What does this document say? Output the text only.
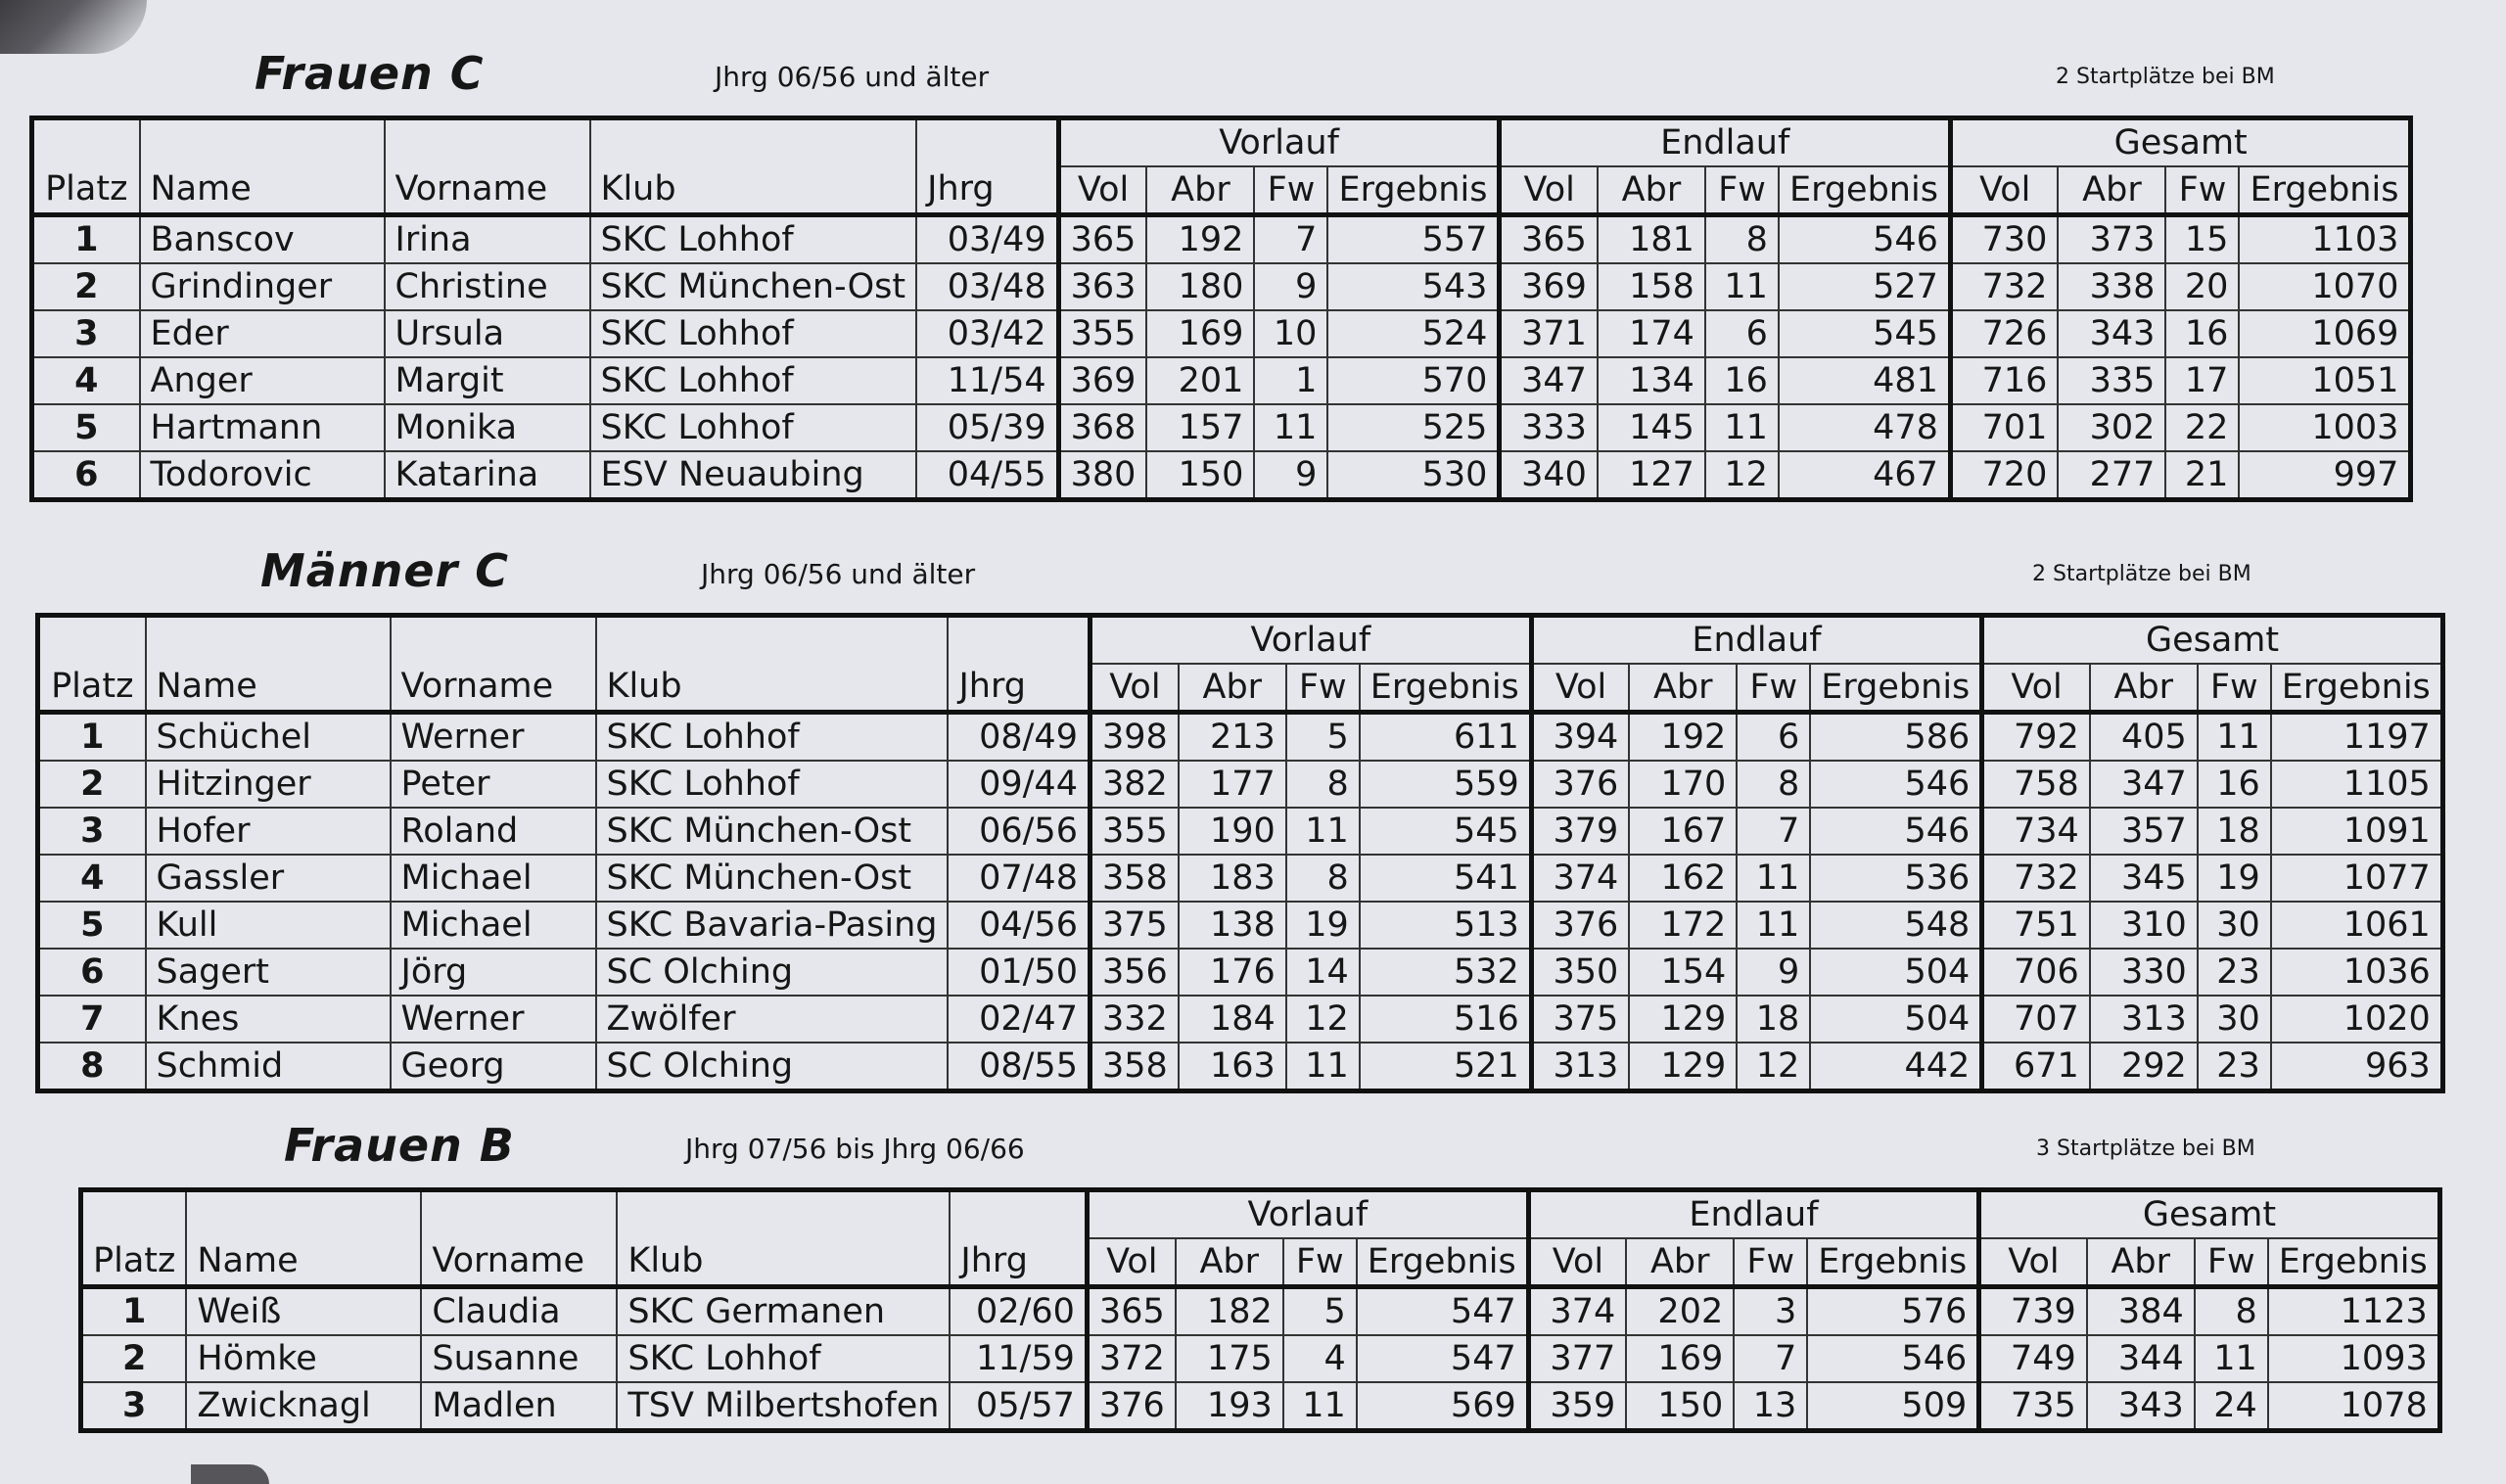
Frauen C	Jhrg 06/56 und älter	2 Startplätze bei BM
Platz	Name	Vorname	Klub	Jhrg	Vorlauf				Endlauf				Gesamt			
					Vol	Abr	Fw	Ergebnis	Vol	Abr	Fw	Ergebnis	Vol	Abr	Fw	Ergebnis
1	Banscov	Irina	SKC Lohhof	03/49	365	192	7	557	365	181	8	546	730	373	15	1103
2	Grindinger	Christine	SKC München-Ost	03/48	363	180	9	543	369	158	11	527	732	338	20	1070
3	Eder	Ursula	SKC Lohhof	03/42	355	169	10	524	371	174	6	545	726	343	16	1069
4	Anger	Margit	SKC Lohhof	11/54	369	201	1	570	347	134	16	481	716	335	17	1051
5	Hartmann	Monika	SKC Lohhof	05/39	368	157	11	525	333	145	11	478	701	302	22	1003
6	Todorovic	Katarina	ESV Neuaubing	04/55	380	150	9	530	340	127	12	467	720	277	21	997
Männer C	Jhrg 06/56 und älter	2 Startplätze bei BM
Platz	Name	Vorname	Klub	Jhrg	Vorlauf				Endlauf				Gesamt			
					Vol	Abr	Fw	Ergebnis	Vol	Abr	Fw	Ergebnis	Vol	Abr	Fw	Ergebnis
1	Schüchel	Werner	SKC Lohhof	08/49	398	213	5	611	394	192	6	586	792	405	11	1197
2	Hitzinger	Peter	SKC Lohhof	09/44	382	177	8	559	376	170	8	546	758	347	16	1105
3	Hofer	Roland	SKC München-Ost	06/56	355	190	11	545	379	167	7	546	734	357	18	1091
4	Gassler	Michael	SKC München-Ost	07/48	358	183	8	541	374	162	11	536	732	345	19	1077
5	Kull	Michael	SKC Bavaria-Pasing	04/56	375	138	19	513	376	172	11	548	751	310	30	1061
6	Sagert	Jörg	SC Olching	01/50	356	176	14	532	350	154	9	504	706	330	23	1036
7	Knes	Werner	Zwölfer	02/47	332	184	12	516	375	129	18	504	707	313	30	1020
8	Schmid	Georg	SC Olching	08/55	358	163	11	521	313	129	12	442	671	292	23	963
Frauen B	Jhrg 07/56 bis Jhrg 06/66	3 Startplätze bei BM
Platz	Name	Vorname	Klub	Jhrg	Vorlauf				Endlauf				Gesamt			
					Vol	Abr	Fw	Ergebnis	Vol	Abr	Fw	Ergebnis	Vol	Abr	Fw	Ergebnis
1	Weiß	Claudia	SKC Germanen	02/60	365	182	5	547	374	202	3	576	739	384	8	1123
2	Hömke	Susanne	SKC Lohhof	11/59	372	175	4	547	377	169	7	546	749	344	11	1093
3	Zwicknagl	Madlen	TSV Milbertshofen	05/57	376	193	11	569	359	150	13	509	735	343	24	1078
